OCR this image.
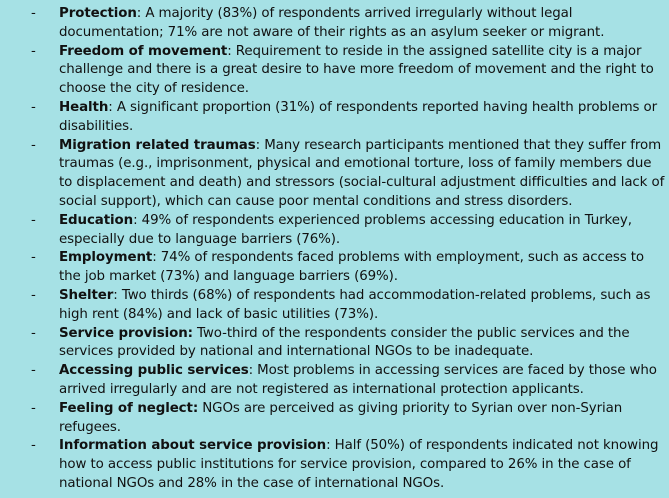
-	Protection: A majority (83%) of respondents arrived irregularly without legal documentation; 71% are not aware of their rights as an asylum seeker or migrant.
-	Freedom of movement: Requirement to reside in the assigned satellite city is a major challenge and there is a great desire to have more freedom of movement and the right to choose the city of residence.
-	Health: A significant proportion (31%) of respondents reported having health problems or disabilities.
-	Migration related traumas: Many research participants mentioned that they suffer from traumas (e.g., imprisonment, physical and emotional torture, loss of family members due to displacement and death) and stressors (social-cultural adjustment difficulties and lack of social support), which can cause poor mental conditions and stress disorders.
-	Education: 49% of respondents experienced problems accessing education in Turkey, especially due to language barriers (76%).
-	Employment: 74% of respondents faced problems with employment, such as access to the job market (73%) and language barriers (69%).
-	Shelter: Two thirds (68%) of respondents had accommodation-related problems, such as high rent (84%) and lack of basic utilities (73%).
-	Service provision: Two-third of the respondents consider the public services and the services provided by national and international NGOs to be inadequate.
-	Accessing public services: Most problems in accessing services are faced by those who arrived irregularly and are not registered as international protection applicants.
-	Feeling of neglect: NGOs are perceived as giving priority to Syrian over non-Syrian refugees.
-	Information about service provision: Half (50%) of respondents indicated not knowing how to access public institutions for service provision, compared to 26% in the case of national NGOs and 28% in the case of international NGOs.
